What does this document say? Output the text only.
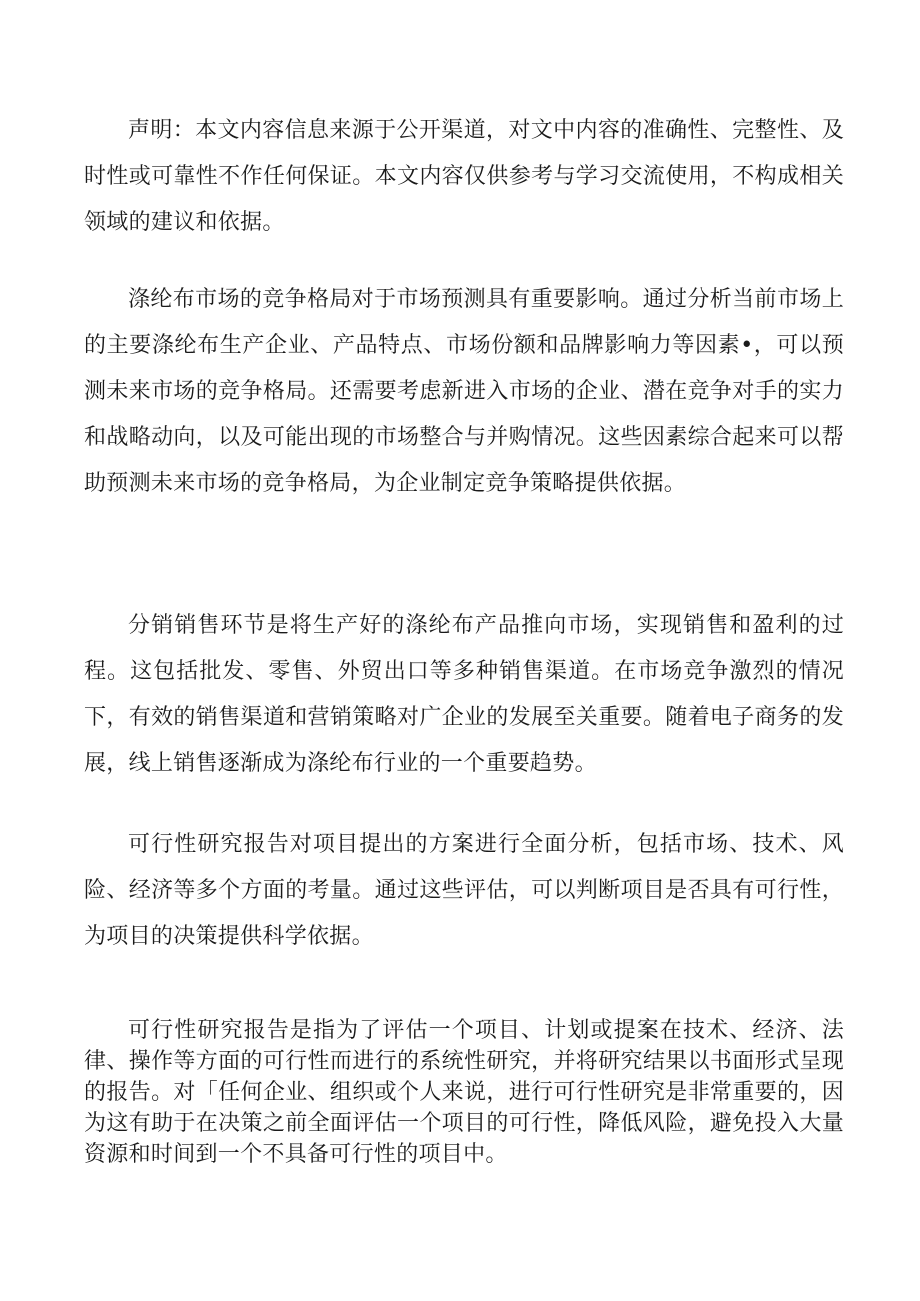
声明：本文内容信息来源于公开渠道，对文中内容的准确性、完整性、及时性或可靠性不作任何保证。本文内容仅供参考与学习交流使用，不构成相关领域的建议和依据。

涤纶布市场的竞争格局对于市场预测具有重要影响。通过分析当前市场上的主要涤纶布生产企业、产品特点、市场份额和品牌影响力等因素•，可以预测未来市场的竞争格局。还需要考虑新进入市场的企业、潜在竞争对手的实力和战略动向，以及可能出现的市场整合与并购情况。这些因素综合起来可以帮助预测未来市场的竞争格局，为企业制定竞争策略提供依据。

分销销售环节是将生产好的涤纶布产品推向市场，实现销售和盈利的过程。这包括批发、零售、外贸出口等多种销售渠道。在市场竞争激烈的情况下，有效的销售渠道和营销策略对广企业的发展至关重要。随着电子商务的发展，线上销售逐渐成为涤纶布行业的一个重要趋势。

可行性研究报告对项目提出的方案进行全面分析，包括市场、技术、风险、经济等多个方面的考量。通过这些评估，可以判断项目是否具有可行性，为项目的决策提供科学依据。

可行性研究报告是指为了评估一个项目、计划或提案在技术、经济、法律、操作等方面的可行性而进行的系统性研究，并将研究结果以书面形式呈现的报告。对「任何企业、组织或个人来说，进行可行性研究是非常重要的，因为这有助于在决策之前全面评估一个项目的可行性，降低风险，避免投入大量资源和时间到一个不具备可行性的项目中。
